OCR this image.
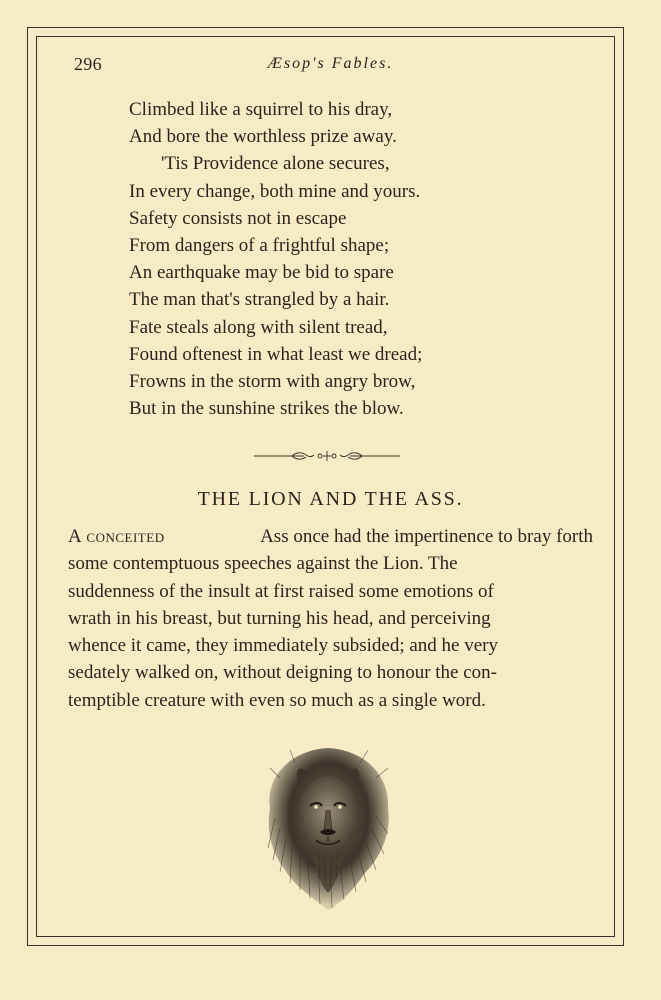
296	Æsop's Fables.
Climbed like a squirrel to his dray,
And bore the worthless prize away.
'Tis Providence alone secures,
In every change, both mine and yours.
Safety consists not in escape
From dangers of a frightful shape;
An earthquake may be bid to spare
The man that's strangled by a hair.
Fate steals along with silent tread,
Found oftenest in what least we dread;
Frowns in the storm with angry brow,
But in the sunshine strikes the blow.
THE LION AND THE ASS.
A conceited	Ass once had the impertinence to bray forth
some contemptuous speeches against the Lion. The
suddenness of the insult at first raised some emotions of
wrath in his breast, but turning his head, and perceiving
whence it came, they immediately subsided; and he very
sedately walked on, without deigning to honour the con-
temptible creature with even so much as a single word.
